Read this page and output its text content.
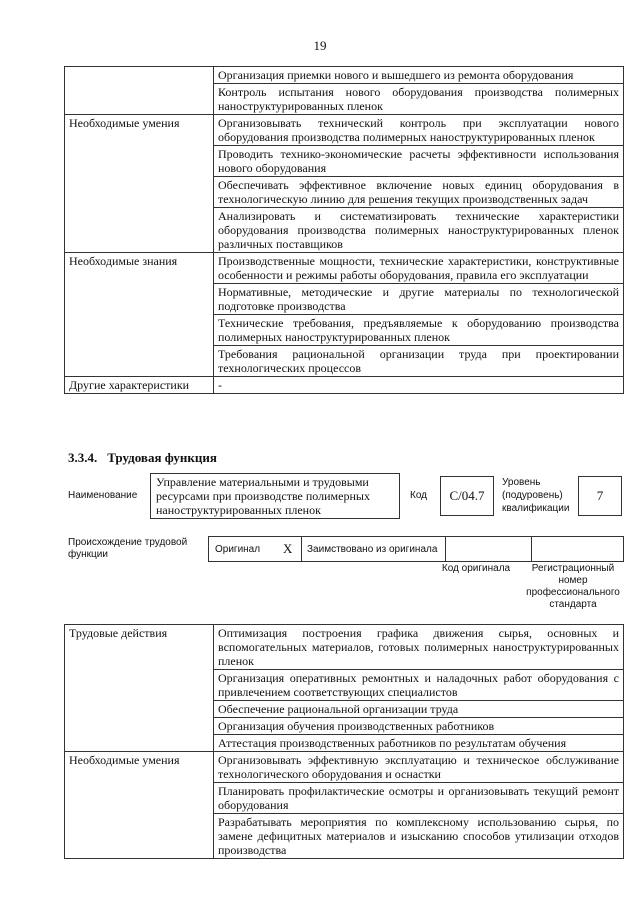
19
	Организация приемки нового и вышедшего из ремонта оборудования
	Контроль испытания нового оборудования производства полимерных наноструктурированных пленок
Необходимые умения	Организовывать технический контроль при эксплуатации нового оборудования производства полимерных наноструктурированных пленок
	Проводить технико-экономические расчеты эффективности использования нового оборудования
	Обеспечивать эффективное включение новых единиц оборудования в технологическую линию для решения текущих производственных задач
	Анализировать и систематизировать технические характеристики оборудования производства полимерных наноструктурированных пленок различных поставщиков
Необходимые знания	Производственные мощности, технические характеристики, конструктивные особенности и режимы работы оборудования, правила его эксплуатации
	Нормативные, методические и другие материалы по технологической подготовке производства
	Технические требования, предъявляемые к оборудованию производства полимерных наноструктурированных пленок
	Требования рациональной организации труда при проектировании технологических процессов
Другие характеристики	-
3.3.4. Трудовая функция
Наименование
Управление материальными и трудовыми ресурсами при производстве полимерных наноструктурированных пленок
Код	C/04.7
Уровень (подуровень) квалификации
7
Происхождение трудовой функции	Оригинал X Заимствовано из оригинала
Код оригинала	Регистрационный номер профессионального стандарта
Трудовые действия	Оптимизация построения графика движения сырья, основных и вспомогательных материалов, готовых полимерных наноструктурированных пленок
	Организация оперативных ремонтных и наладочных работ оборудования с привлечением соответствующих специалистов
	Обеспечение рациональной организации труда
	Организация обучения производственных работников
	Аттестация производственных работников по результатам обучения
Необходимые умения	Организовывать эффективную эксплуатацию и техническое обслуживание технологического оборудования и оснастки
	Планировать профилактические осмотры и организовывать текущий ремонт оборудования
	Разрабатывать мероприятия по комплексному использованию сырья, по замене дефицитных материалов и изысканию способов утилизации отходов производства
